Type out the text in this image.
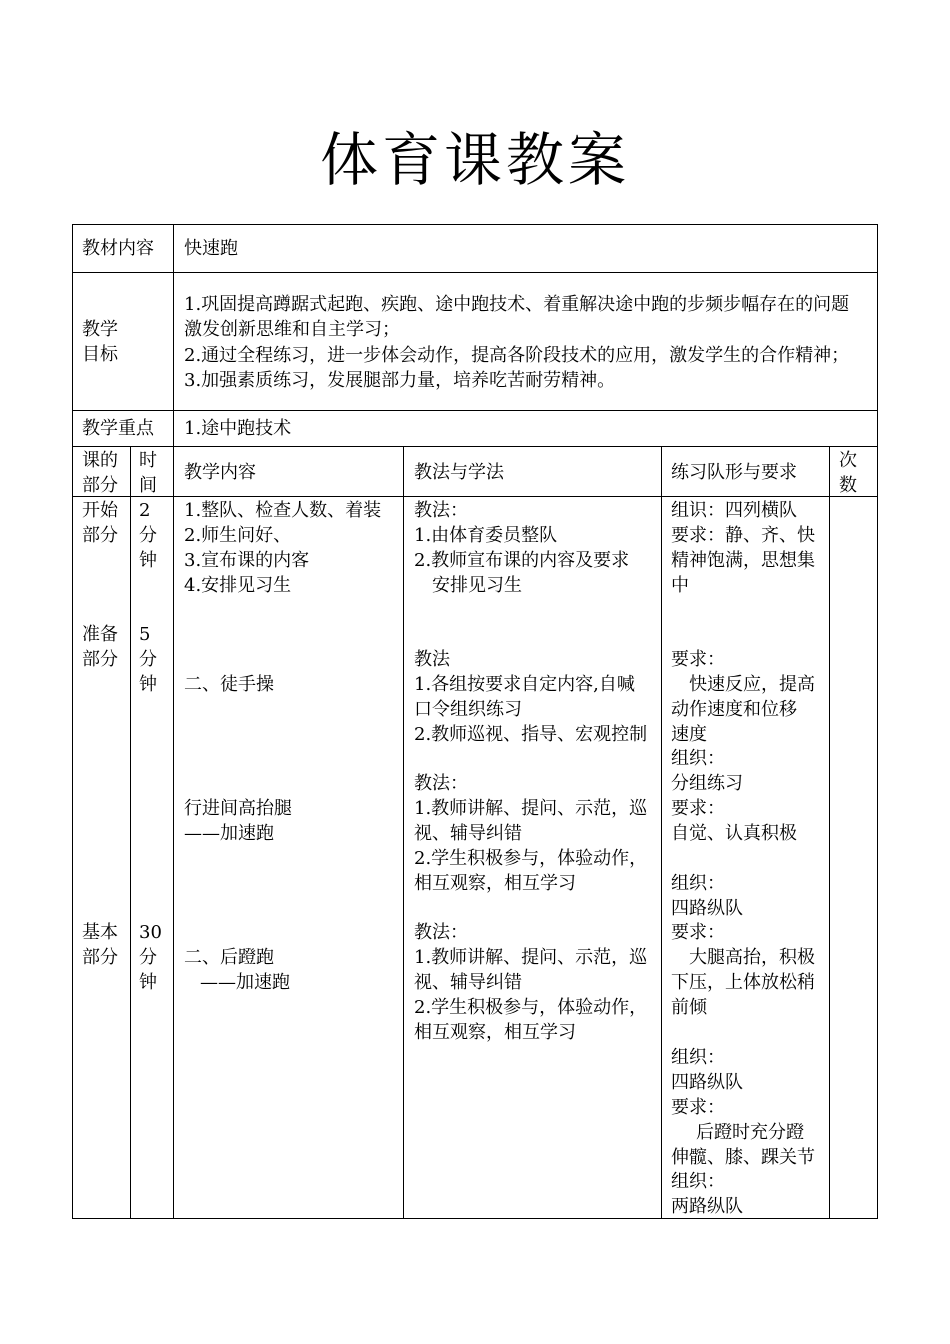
体育课教案
教材内容 快速跑
教学
目标
1.巩固提高蹲踞式起跑、疾跑、途中跑技术、着重解决途中跑的步频步幅存在的问题
激发创新思维和自主学习；
2.通过全程练习，进一步体会动作，提高各阶段技术的应用，激发学生的合作精神；
3.加强素质练习，发展腿部力量，培养吃苦耐劳精神。
教学重点 1.途中跑技术
课的
部分
时
间
教学内容	教法与学法	练习队形与要求
次
数
开始
部分
2
分
钟
准备
部分
5
分
钟
基本
部分
30
分
钟
1.整队、检查人数、着装
2.师生问好、
3.宣布课的内客
4.安排见习生
二、徒手操
行进间高抬腿
——加速跑
二、后蹬跑
——加速跑
教法：
1.由体育委员整队
2.教师宣布课的内容及要求
安排见习生
教法
1.各组按要求自定内容,自喊
口令组织练习
2.教师巡视、指导、宏观控制
教法：
1.教师讲解、提问、示范，巡
视、辅导纠错
2.学生积极参与，体验动作，
相互观察，相互学习
教法：
1.教师讲解、提问、示范，巡
视、辅导纠错
2.学生积极参与，体验动作，
相互观察，相互学习
组识：四列横队
要求：静、齐、快
精神饱满，思想集
中
要求：
快速反应，提高
动作速度和位移
速度
组织：
分组练习
要求：
自觉、认真积极
组织：
四路纵队
要求：
大腿高抬，积极
下压，上体放松稍
前倾
组织：
四路纵队
要求：
后蹬时充分蹬
伸髋、膝、踝关节
组织：
两路纵队
